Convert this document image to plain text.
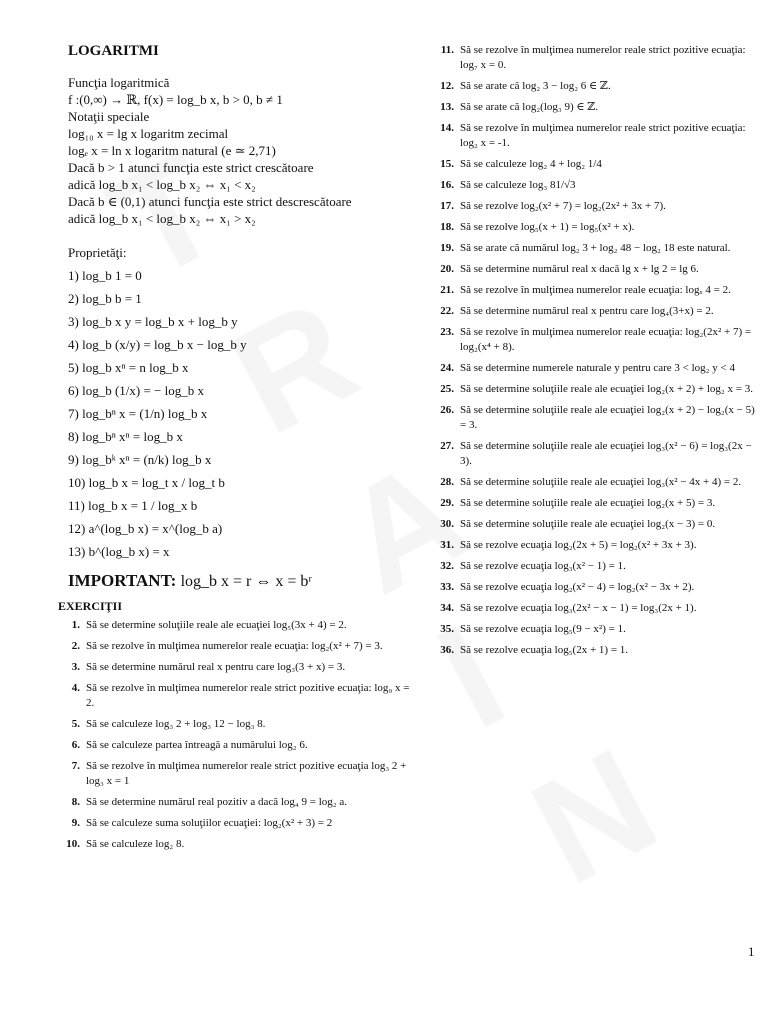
LOGARITMI
Funcţia logaritmică
f :(0,∞) → ℝ, f(x) = log_b x, b > 0, b ≠ 1
Notaţii speciale
log₁₀ x = lg x logaritm zecimal
logₑ x = ln x logaritm natural (e ≃ 2,71)
Dacă b > 1 atunci funcţia este strict crescătoare
adică log_b x₁ < log_b x₂ ⇔ x₁ < x₂
Dacă b ∈ (0,1) atunci funcţia este strict descrescătoare
adică log_b x₁ < log_b x₂ ⇔ x₁ > x₂
Proprietăţi:
1) log_b 1 = 0
2) log_b b = 1
3) log_b x y = log_b x + log_b y
4) log_b (x/y) = log_b x − log_b y
5) log_b xⁿ = n log_b x
6) log_b (1/x) = − log_b x
7) log_bⁿ x = (1/n) log_b x
8) log_bⁿ xⁿ = log_b x
9) log_bᵏ xⁿ = (n/k) log_b x
10) log_b x = log_t x / log_t b
11) log_b x = 1 / log_x b
12) a^(log_b x) = x^(log_b a)
13) b^(log_b x) = x
IMPORTANT: log_b x = r ⇔ x = bʳ
EXERCIŢII
1. Să se determine soluţiile reale ale ecuaţiei log₅(3x + 4) = 2.
2. Să se rezolve în mulţimea numerelor reale ecuaţia: log₂(x² + 7) = 3.
3. Să se determine numărul real x pentru care log₃(3 + x) = 3.
4. Să se rezolve în mulţimea numerelor reale strict pozitive ecuaţia: log₉ x = 2.
5. Să se calculeze log₃ 2 + log₃ 12 − log₃ 8.
6. Să se calculeze partea întreagă a numărului log₂ 6.
7. Să se rezolve în mulţimea numerelor reale strict pozitive ecuaţia log₃ 2 + log₃ x = 1
8. Să se determine numărul real pozitiv a dacă log₄ 9 = log₂ a.
9. Să se calculeze suma soluţiilor ecuaţiei: log₂(x² + 3) = 2
10. Să se calculeze log₂ 8.
11. Să se rezolve în mulţimea numerelor reale strict pozitive ecuaţia: log₇ x = 0.
12. Să se arate că log₂ 3 − log₂ 6 ∈ ℤ.
13. Să se arate că log₂(log₃ 9) ∈ ℤ.
14. Să se rezolve în mulţimea numerelor reale strict pozitive ecuaţia: log₂ x = -1.
15. Să se calculeze log₂ 4 + log₂ 1/4
16. Să se calculeze log₃ 81/√3
17. Să se rezolve log₂(x² + 7) = log₂(2x² + 3x + 7).
18. Să se rezolve log₅(x + 1) = log₅(x² + x).
19. Să se arate că numărul log₂ 3 + log₂ 48 − log₂ 18 este natural.
20. Să se determine numărul real x dacă lg x + lg 2 = lg 6.
21. Să se rezolve în mulţimea numerelor reale ecuaţia: logₓ 4 = 2.
22. Să se determine numărul real x pentru care log₄(3+x) = 2.
23. Să se rezolve în mulţimea numerelor reale ecuaţia: log₂(2x² + 7) = log₂(x⁴ + 8).
24. Să se determine numerele naturale y pentru care 3 < log₂ y < 4
25. Să se determine soluţiile reale ale ecuaţiei log₂(x + 2) + log₂ x = 3.
26. Să se determine soluţiile reale ale ecuaţiei log₂(x + 2) − log₂(x − 5) = 3.
27. Să se determine soluţiile reale ale ecuaţiei log₃(x² − 6) = log₃(2x − 3).
28. Să se determine soluţiile reale ale ecuaţiei log₃(x² − 4x + 4) = 2.
29. Să se determine soluţiile reale ale ecuaţiei log₂(x + 5) = 3.
30. Să se determine soluţiile reale ale ecuaţiei log₂(x − 3) = 0.
31. Să se rezolve ecuaţia log₂(2x + 5) = log₂(x² + 3x + 3).
32. Să se rezolve ecuaţia log₃(x² − 1) = 1.
33. Să se rezolve ecuaţia log₂(x² − 4) = log₂(x² − 3x + 2).
34. Să se rezolve ecuaţia log₃(2x² − x − 1) = log₃(2x + 1).
35. Să se rezolve ecuaţia log₅(9 − x²) = 1.
36. Să se rezolve ecuaţia log₅(2x + 1) = 1.
1
